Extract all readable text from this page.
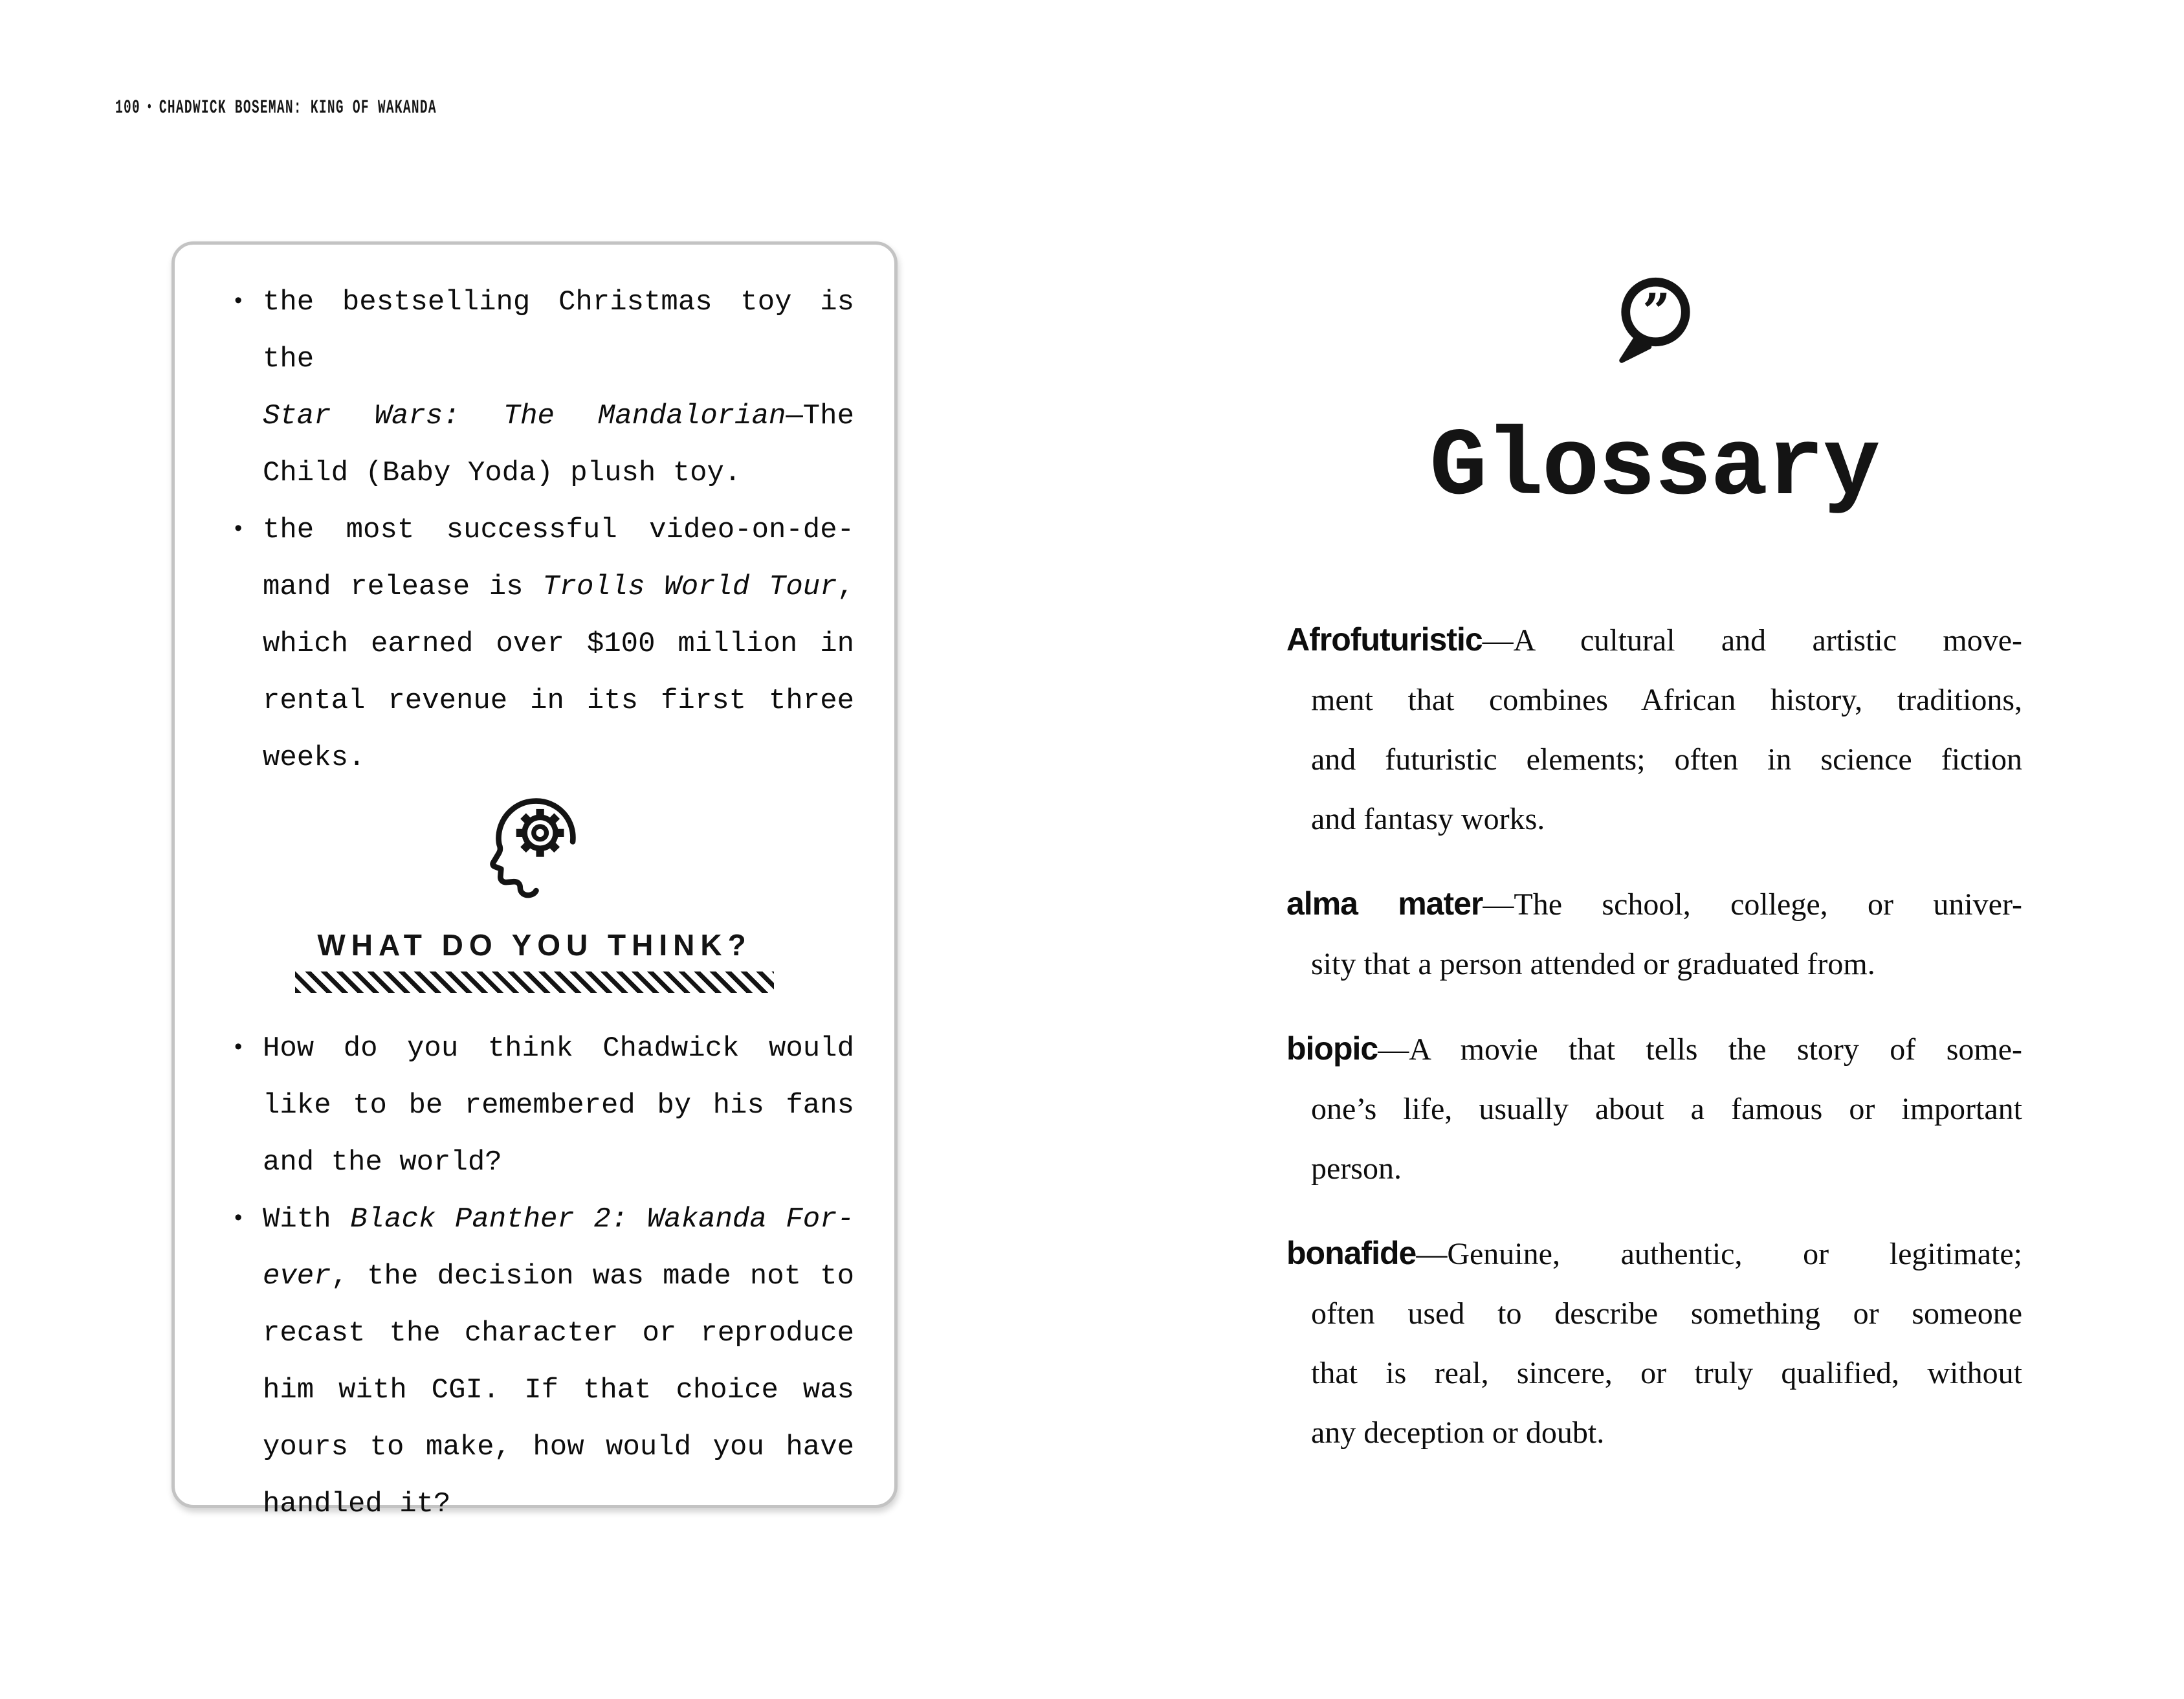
100 • CHADWICK BOSEMAN: KING OF WAKANDA
• the bestselling Christmas toy is the
Star Wars: The Mandalorian—The
Child (Baby Yoda) plush toy.
• the most successful video-on-de-
mand release is Trolls World Tour,
which earned over $100 million in
rental revenue in its first three
weeks.
WHAT DO YOU THINK?
• How do you think Chadwick would
like to be remembered by his fans
and the world?
• With Black Panther 2: Wakanda For-
ever, the decision was made not to
recast the character or reproduce
him with CGI. If that choice was
yours to make, how would you have
handled it?
”
Glossary
Afrofuturistic—A cultural and artistic move-
ment that combines African history, traditions,
and futuristic elements; often in science fiction
and fantasy works.
alma mater—The school, college, or univer-
sity that a person attended or graduated from.
biopic—A movie that tells the story of some-
one’s life, usually about a famous or important
person.
bonafide—Genuine, authentic, or legitimate;
often used to describe something or someone
that is real, sincere, or truly qualified, without
any deception or doubt.
